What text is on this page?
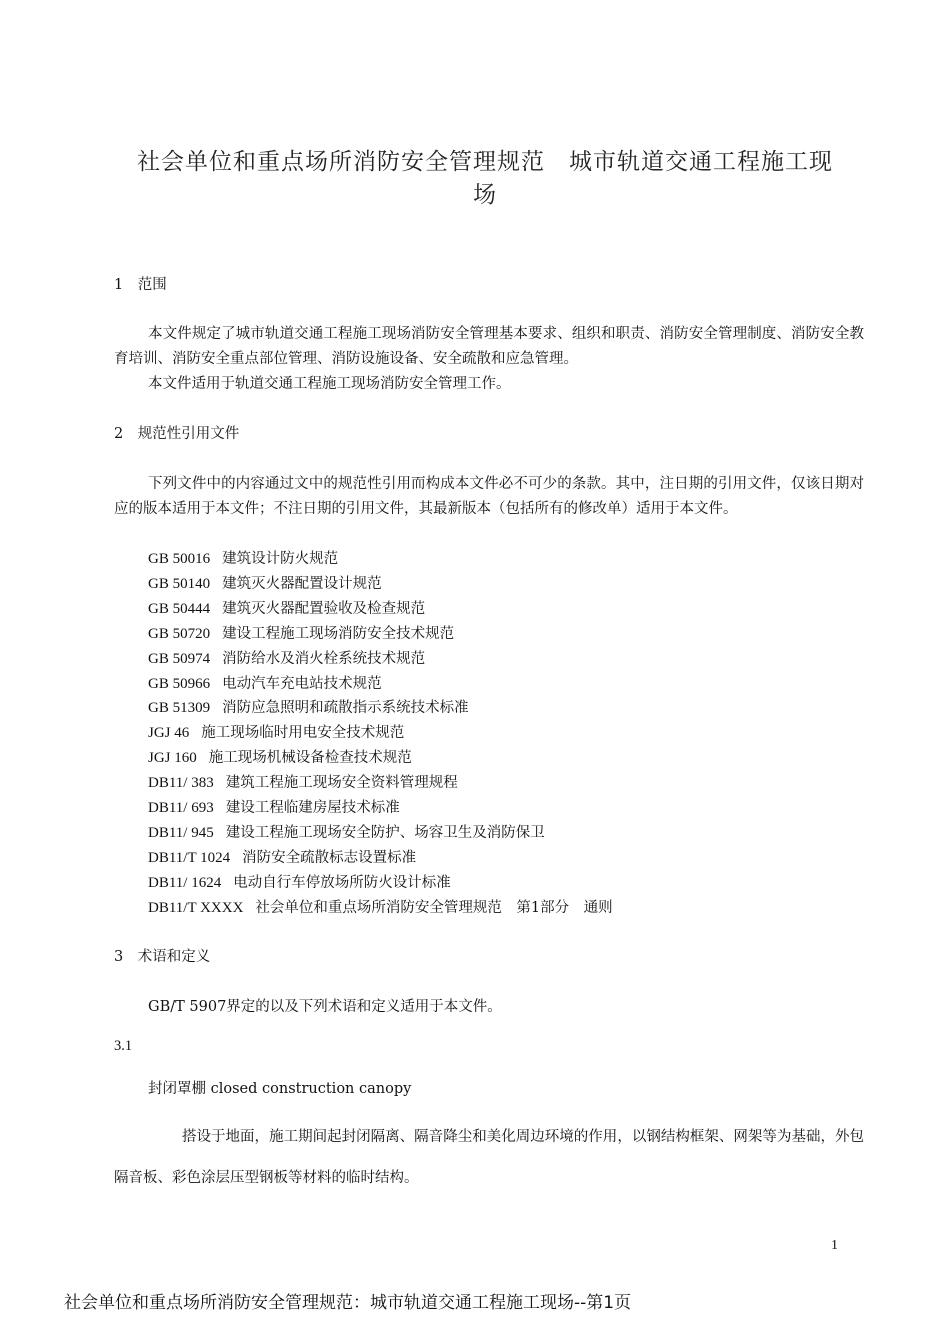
社会单位和重点场所消防安全管理规范　城市轨道交通工程施工现
场
1　范围
本文件规定了城市轨道交通工程施工现场消防安全管理基本要求、组织和职责、消防安全管理制度、消防安全教育培训、消防安全重点部位管理、消防设施设备、安全疏散和应急管理。
本文件适用于轨道交通工程施工现场消防安全管理工作。
2　规范性引用文件
下列文件中的内容通过文中的规范性引用而构成本文件必不可少的条款。其中，注日期的引用文件，仅该日期对应的版本适用于本文件；不注日期的引用文件，其最新版本（包括所有的修改单）适用于本文件。
GB 50016 建筑设计防火规范
GB 50140 建筑灭火器配置设计规范
GB 50444 建筑灭火器配置验收及检查规范
GB 50720 建设工程施工现场消防安全技术规范
GB 50974 消防给水及消火栓系统技术规范
GB 50966 电动汽车充电站技术规范
GB 51309 消防应急照明和疏散指示系统技术标准
JGJ 46 施工现场临时用电安全技术规范
JGJ 160 施工现场机械设备检查技术规范
DB11/ 383 建筑工程施工现场安全资料管理规程
DB11/ 693 建设工程临建房屋技术标准
DB11/ 945 建设工程施工现场安全防护、场容卫生及消防保卫
DB11/T 1024 消防安全疏散标志设置标准
DB11/ 1624 电动自行车停放场所防火设计标准
DB11/T XXXX 社会单位和重点场所消防安全管理规范　第1部分　通则
3　术语和定义
GB/T 5907界定的以及下列术语和定义适用于本文件。
3.1
封闭罩棚 closed construction canopy
搭设于地面，施工期间起封闭隔离、隔音降尘和美化周边环境的作用，以钢结构框架、网架等为基础，外包隔音板、彩色涂层压型钢板等材料的临时结构。
1
社会单位和重点场所消防安全管理规范：城市轨道交通工程施工现场--第1页
